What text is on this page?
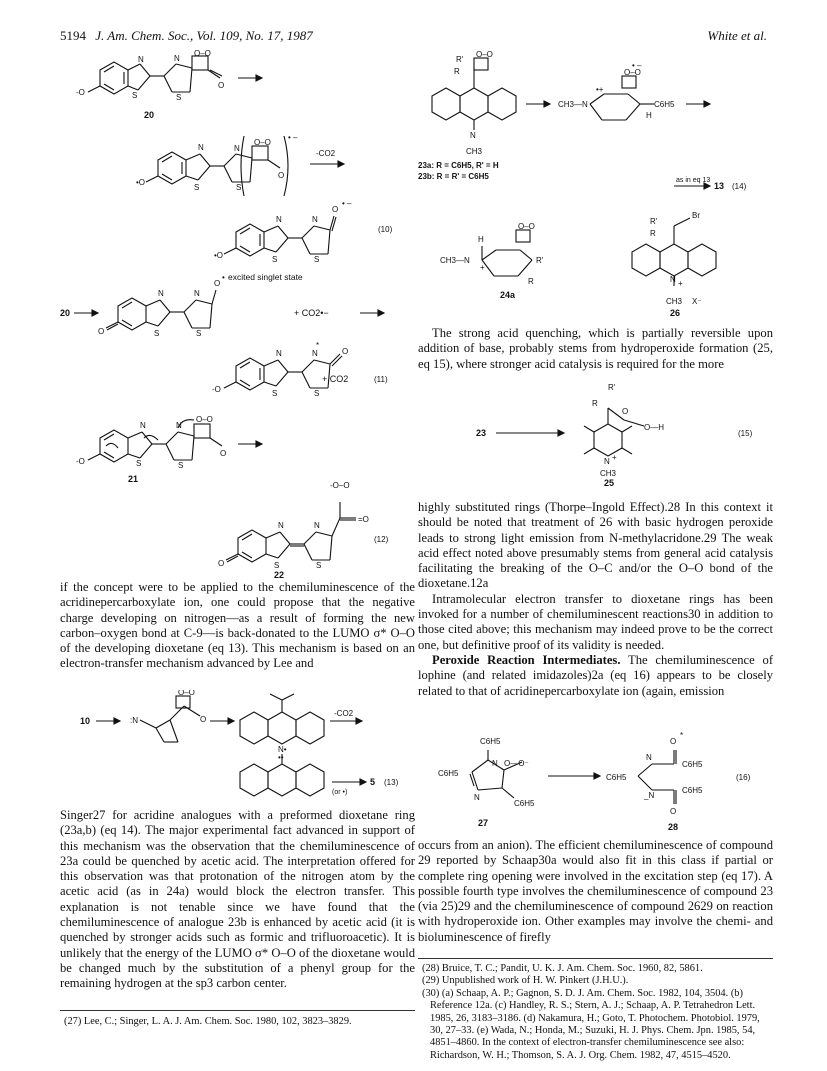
5194 J. Am. Chem. Soc., Vol. 109, No. 17, 1987	White et al.
N	N
S	S
O–O
O
-O
20
N	N
S	S
O–O
O
•O
• –
-CO2
N	N
S	S
O
•O
• –
(10)
excited singlet state
20
N	N
S	S
O
•
O
+ CO2•−
N	N
S	S
O
*
-O
+ CO2	(11)
N	N
S	S
O–O
O
-O
21
N	N
S	S
-O–O
=O
O
(12)
22

if the concept were to be applied to the chemiluminescence of the acridinepercarboxylate ion, one could propose that the negative charge developing on nitrogen—as a result of forming the new carbon–oxygen bond at C-9—is back-donated to the LUMO σ* O–O of the developing dioxetane (eq 13). This mechanism is based on an electron-transfer mechanism advanced by Lee and

10	:N
O–O
O
N•
••
-CO2
5 (13)
(or •)

Singer27 for acridine analogues with a preformed dioxetane ring (23a,b) (eq 14). The major experimental fact advanced in support of this mechanism was the observation that the chemiluminescence of 23a could be quenched by acetic acid. The interpretation offered for this observation was that protonation of the nitrogen atom by the acetic acid (as in 24a) would block the electron transfer. This explanation is not tenable since we have found that the chemiluminescence of analogue 23b is enhanced by acetic acid (it is quenched by stronger acids such as formic and trifluoroacetic). It is unlikely that the energy of the LUMO σ* O–O of the dioxetane would be changed much by the substitution of a phenyl group for the remaining hydrogen at the sp3 carbon center.

(27) Lee, C.; Singer, L. A. J. Am. Chem. Soc. 1980, 102, 3823–3829.

R'
R
O–O
N
CH3
23a: R = C6H5, R' = H
23b: R = R' = C6H5
CH3—N
•+
O–O
• –
C6H5
H
as in eq 13
13 (14)
H
CH3—N
+
O–O
R'
R
24a
R'
R
Br
N +
CH3 X⁻
26

The strong acid quenching, which is partially reversible upon addition of base, probably stems from hydroperoxide formation (25, eq 15), where stronger acid catalysis is required for the more

23
R'
R
O
O—H
N +
CH3
(15)
25

highly substituted rings (Thorpe–Ingold Effect).28 In this context it should be noted that treatment of 26 with basic hydrogen peroxide leads to strong light emission from N-methylacridone.29 The weak acid effect noted above presumably stems from general acid catalysis facilitating the breaking of the O–C and/or the O–O bond of the dioxetane.12a

Intramolecular electron transfer to dioxetane rings has been invoked for a number of chemiluminescent reactions30 in addition to those cited above; this mechanism may indeed prove to be the correct one, but definitive proof of its validity is needed.

Peroxide Reaction Intermediates. The chemiluminescence of lophine (and related imidazoles)2a (eq 16) appears to be closely related to that of acridinepercarboxylate ion (again, emission

C6H5
N O—O⁻
C6H5
N
C6H5
27
C6H5
O
*
N
C6H5
_N
C6H5
O
(16)
28

occurs from an anion). The efficient chemiluminescence of compound 29 reported by Schaap30a would also fit in this class if partial or complete ring opening were involved in the excitation step (eq 17). A possible fourth type involves the chemiluminescence of compound 23 (via 25)29 and the chemiluminescence of compound 2629 on reaction with hydroperoxide ion. Other examples may involve the chemi- and bioluminescence of firefly

(28) Bruice, T. C.; Pandit, U. K. J. Am. Chem. Soc. 1960, 82, 5861.

(29) Unpublished work of H. W. Pinkert (J.H.U.).

(30) (a) Schaap, A. P.; Gagnon, S. D. J. Am. Chem. Soc. 1982, 104, 3504. (b) Reference 12a. (c) Handley, R. S.; Stern, A. J.; Schaap, A. P. Tetrahedron Lett. 1985, 26, 3183–3186. (d) Nakamura, H.; Goto, T. Photochem. Photobiol. 1979, 30, 27–33. (e) Wada, N.; Honda, M.; Suzuki, H. J. Phys. Chem. Jpn. 1985, 54, 4851–4860. In the context of electron-transfer chemiluminescence see also: Richardson, W. H.; Thomson, S. A. J. Org. Chem. 1982, 47, 4515–4520.
